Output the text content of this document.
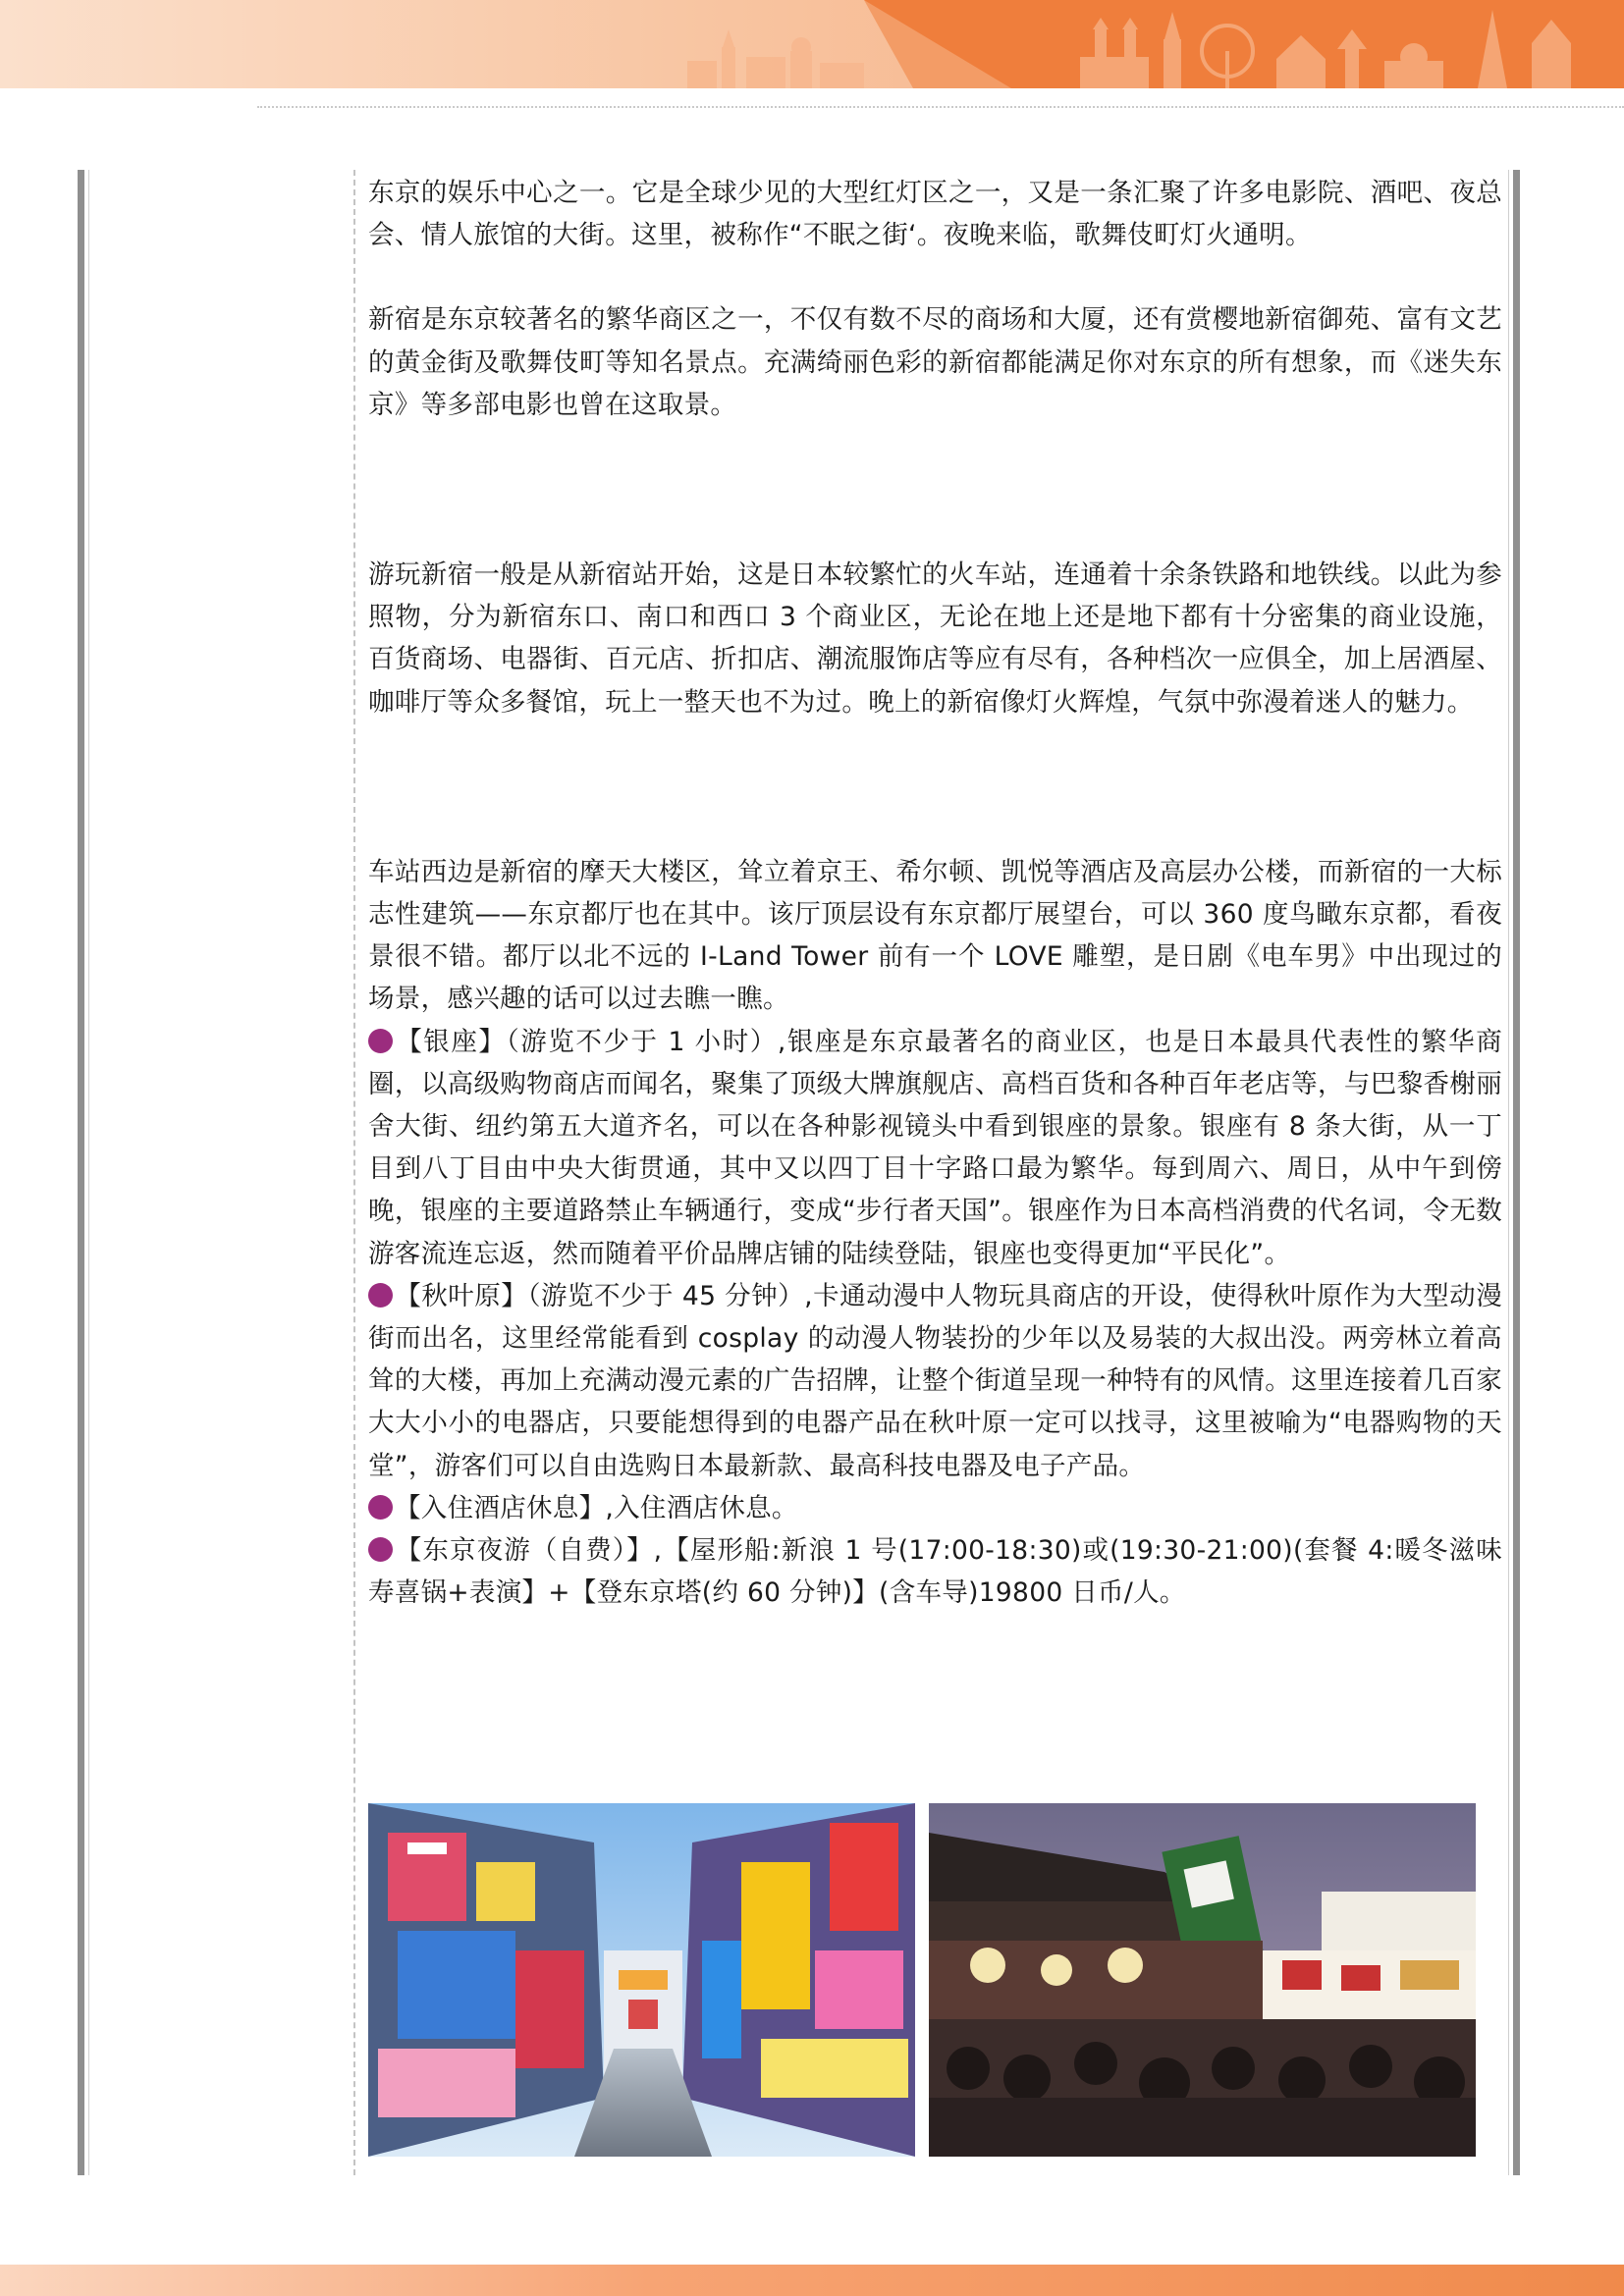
东京的娱乐中心之一。它是全球少见的大型红灯区之一，又是一条汇聚了许多电影院、酒吧、夜总会、情人旅馆的大街。这里，被称作“不眠之街‘。夜晚来临，歌舞伎町灯火通明。

新宿是东京较著名的繁华商区之一，不仅有数不尽的商场和大厦，还有赏樱地新宿御苑、富有文艺的黄金街及歌舞伎町等知名景点。充满绮丽色彩的新宿都能满足你对东京的所有想象，而《迷失东京》等多部电影也曾在这取景。

游玩新宿一般是从新宿站开始，这是日本较繁忙的火车站，连通着十余条铁路和地铁线。以此为参照物，分为新宿东口、南口和西口 3 个商业区，无论在地上还是地下都有十分密集的商业设施，百货商场、电器街、百元店、折扣店、潮流服饰店等应有尽有，各种档次一应俱全，加上居酒屋、咖啡厅等众多餐馆，玩上一整天也不为过。晚上的新宿像灯火辉煌，气氛中弥漫着迷人的魅力。

车站西边是新宿的摩天大楼区，耸立着京王、希尔顿、凯悦等酒店及高层办公楼，而新宿的一大标志性建筑——东京都厅也在其中。该厅顶层设有东京都厅展望台，可以 360 度鸟瞰东京都，看夜景很不错。都厅以北不远的 I-Land Tower 前有一个 LOVE 雕塑，是日剧《电车男》中出现过的场景，感兴趣的话可以过去瞧一瞧。

【银座】（游览不少于 1 小时）,银座是东京最著名的商业区，也是日本最具代表性的繁华商圈，以高级购物商店而闻名，聚集了顶级大牌旗舰店、高档百货和各种百年老店等，与巴黎香榭丽舍大街、纽约第五大道齐名，可以在各种影视镜头中看到银座的景象。银座有 8 条大街，从一丁目到八丁目由中央大街贯通，其中又以四丁目十字路口最为繁华。每到周六、周日，从中午到傍晚，银座的主要道路禁止车辆通行，变成“步行者天国”。银座作为日本高档消费的代名词，令无数游客流连忘返，然而随着平价品牌店铺的陆续登陆，银座也变得更加“平民化”。

【秋叶原】（游览不少于 45 分钟）,卡通动漫中人物玩具商店的开设，使得秋叶原作为大型动漫街而出名，这里经常能看到 cosplay 的动漫人物装扮的少年以及易装的大叔出没。两旁林立着高耸的大楼，再加上充满动漫元素的广告招牌，让整个街道呈现一种特有的风情。这里连接着几百家大大小小的电器店，只要能想得到的电器产品在秋叶原一定可以找寻，这里被喻为“电器购物的天堂”，游客们可以自由选购日本最新款、最高科技电器及电子产品。

【入住酒店休息】,入住酒店休息。

【东京夜游（自费）】,【屋形船:新浪 1 号(17:00-18:30)或(19:30-21:00)(套餐 4:暖冬滋味寿喜锅+表演】+【登东京塔(约 60 分钟)】(含车导)19800 日币/人。
